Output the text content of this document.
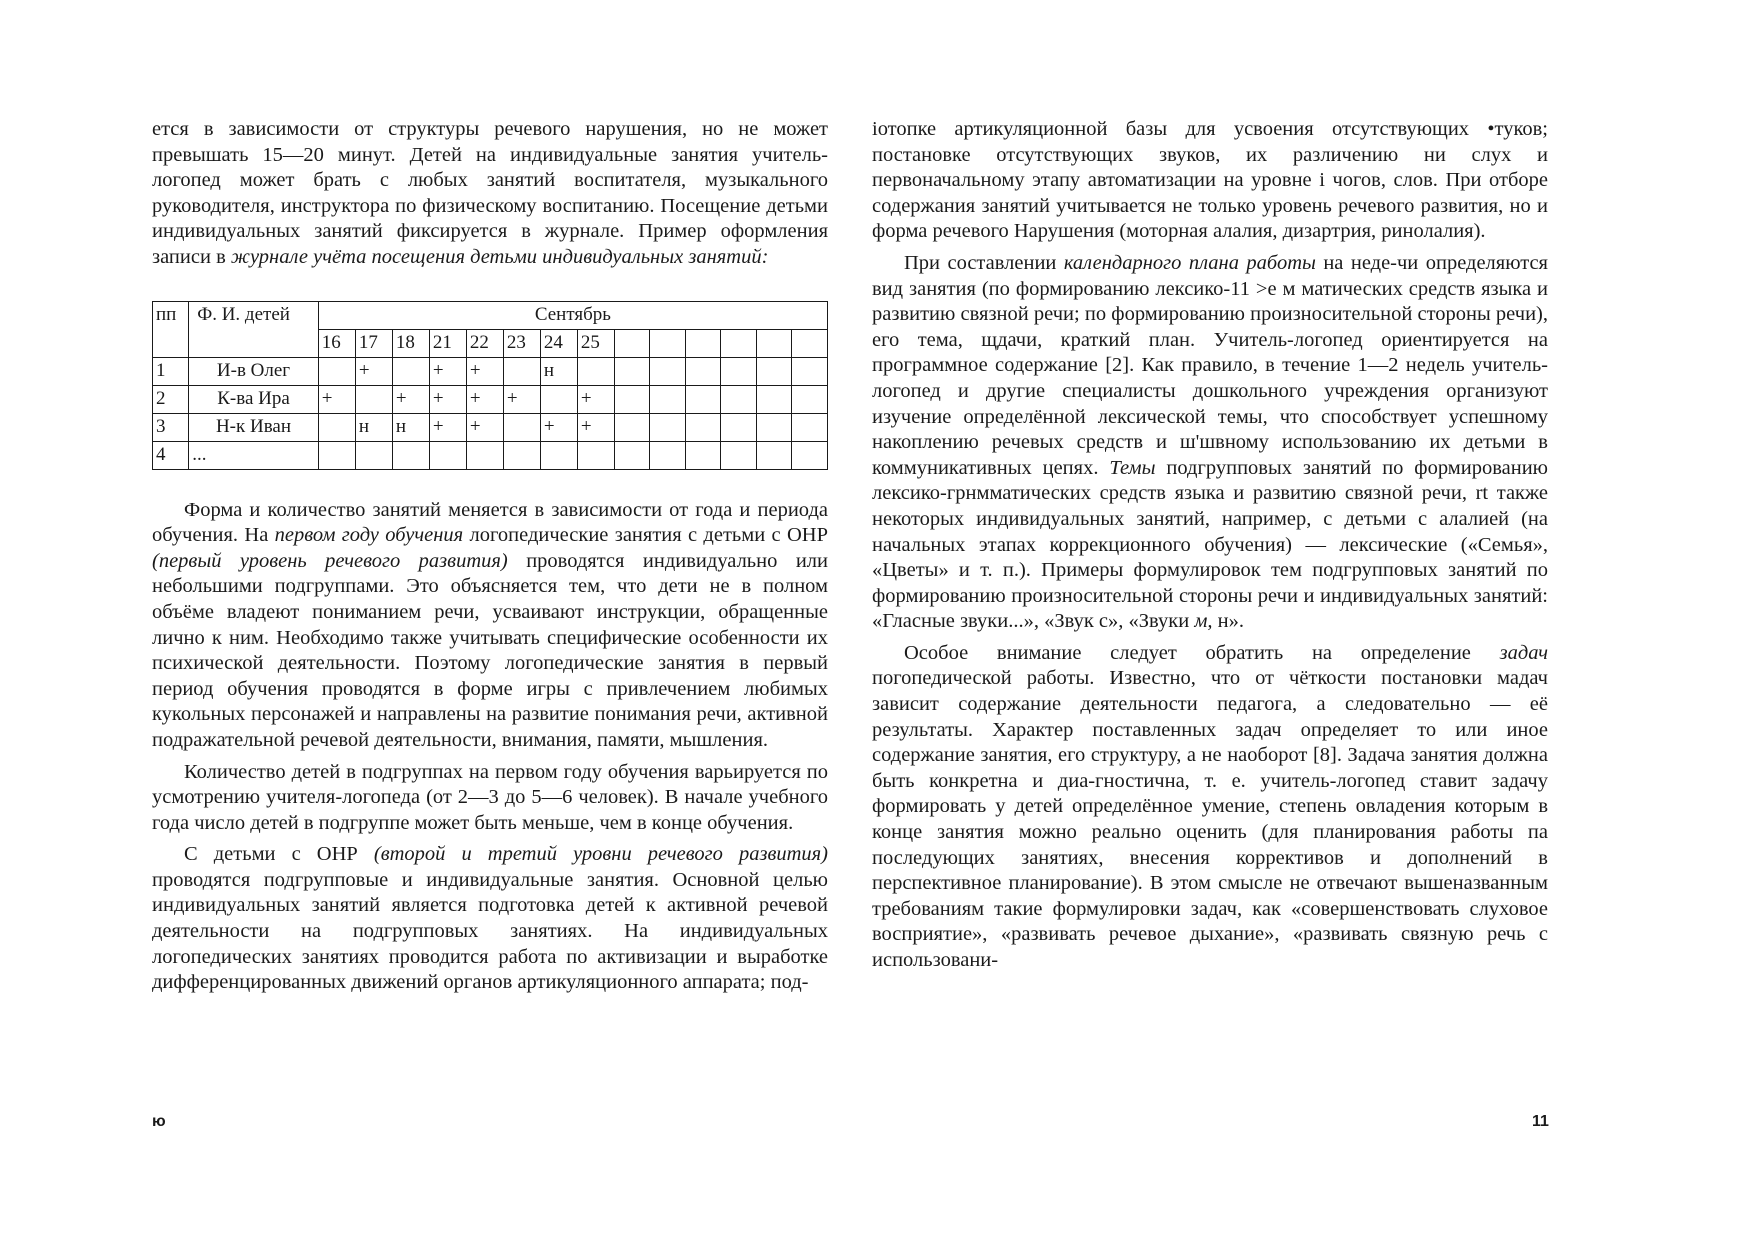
ется в зависимости от структуры речевого нарушения, но не может превышать 15—20 минут. Детей на индивидуальные занятия учитель-логопед может брать с любых занятий воспитателя, музыкального руководителя, инструктора по физическому воспитанию. Посещение детьми индивидуальных занятий фиксируется в журнале. Пример оформления записи в журнале учёта посещения детьми индивидуальных занятий:

пп	Ф. И. детей	Сентябрь													
		16	17	18	21	22	23	24	25						
1	И-в Олег		+		+	+		н							
2	К-ва Ира	+		+	+	+	+		+						
3	Н-к Иван		н	н	+	+		+	+						
4	...														

Форма и количество занятий меняется в зависимости от года и периода обучения. На первом году обучения логопедические занятия с детьми с ОНР (первый уровень речевого развития) проводятся индивидуально или небольшими подгруппами. Это объясняется тем, что дети не в полном объёме владеют пониманием речи, усваивают инструкции, обращенные лично к ним. Необходимо также учитывать специфические особенности их психической деятельности. Поэтому логопедические занятия в первый период обучения проводятся в форме игры с привлечением любимых кукольных персонажей и направлены на развитие понимания речи, активной подражательной речевой деятельности, внимания, памяти, мышления.

Количество детей в подгруппах на первом году обучения варьируется по усмотрению учителя-логопеда (от 2—3 до 5—6 человек). В начале учебного года число детей в подгруппе может быть меньше, чем в конце обучения.

С детьми с ОНР (второй и третий уровни речевого развития) проводятся подгрупповые и индивидуальные занятия. Основной целью индивидуальных занятий является подготовка детей к активной речевой деятельности на подгрупповых занятиях. На индивидуальных логопедических занятиях проводится работа по активизации и выработке дифференцированных движений органов артикуляционного аппарата; под-

ю

iотопке артикуляционной базы для усвоения отсутствующих •туков; постановке отсутствующих звуков, их различению ни слух и первоначальному этапу автоматизации на уровне i чогов, слов. При отборе содержания занятий учитывается не только уровень речевого развития, но и форма речевого Нарушения (моторная алалия, дизартрия, ринолалия).

При составлении календарного плана работы на неде-чи определяются вид занятия (по формированию лексико-11 >е м матических средств языка и развитию связной речи; по формированию произносительной стороны речи), его тема, щдачи, краткий план. Учитель-логопед ориентируется на программное содержание [2]. Как правило, в течение 1—2 недель учитель-логопед и другие специалисты дошкольного учреждения организуют изучение определённой лексической темы, что способствует успешному накоплению речевых средств и ш'швному использованию их детьми в коммуникативных цепях. Темы подгрупповых занятий по формированию лексико-грнмматических средств языка и развитию связной речи, rt также некоторых индивидуальных занятий, например, с детьми с алалией (на начальных этапах коррекционного обучения) — лексические («Семья», «Цветы» и т. п.). Примеры формулировок тем подгрупповых занятий по формированию произносительной стороны речи и индивидуальных занятий: «Гласные звуки...», «Звук с», «Звуки м, н».

Особое внимание следует обратить на определение задач погопедической работы. Известно, что от чёткости постановки мадач зависит содержание деятельности педагога, а следовательно — её результаты. Характер поставленных задач определяет то или иное содержание занятия, его структуру, а не наоборот [8]. Задача занятия должна быть конкретна и диа-гностична, т. е. учитель-логопед ставит задачу формировать у детей определённое умение, степень овладения которым в конце занятия можно реально оценить (для планирования работы па последующих занятиях, внесения коррективов и дополнений в перспективное планирование). В этом смысле не отвечают вышеназванным требованиям такие формулировки задач, как «совершенствовать слуховое восприятие», «развивать речевое дыхание», «развивать связную речь с использовани-

11
